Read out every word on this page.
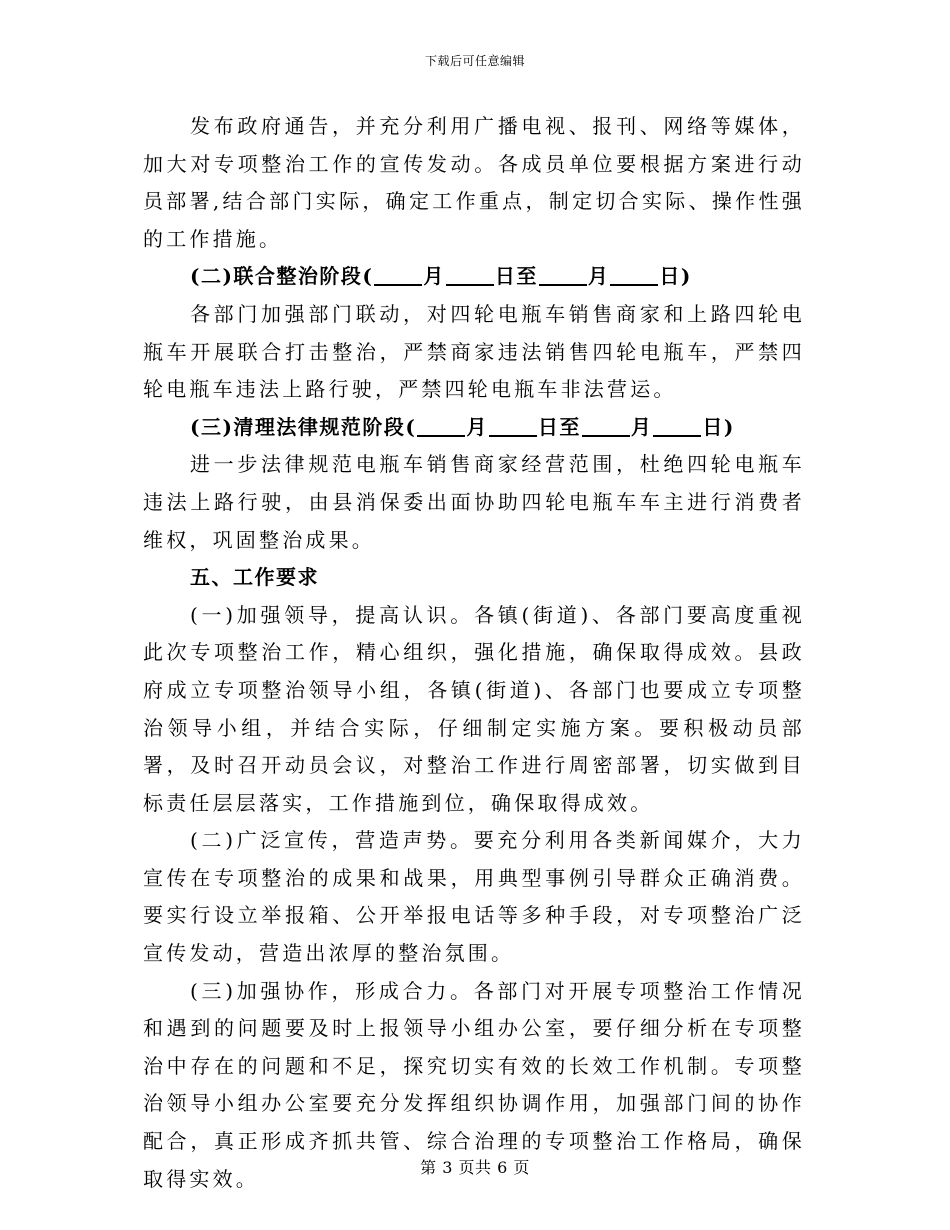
下载后可任意编辑

发布政府通告，并充分利用广播电视、报刊、网络等媒体，加大对专项整治工作的宣传发动。各成员单位要根据方案进行动员部署,结合部门实际，确定工作重点，制定切合实际、操作性强的工作措施。

(二)联合整治阶段(	月	日至	月	日)

各部门加强部门联动，对四轮电瓶车销售商家和上路四轮电瓶车开展联合打击整治，严禁商家违法销售四轮电瓶车，严禁四轮电瓶车违法上路行驶，严禁四轮电瓶车非法营运。

(三)清理法律规范阶段(	月	日至	月	日)

进一步法律规范电瓶车销售商家经营范围，杜绝四轮电瓶车违法上路行驶，由县消保委出面协助四轮电瓶车车主进行消费者维权，巩固整治成果。

五、工作要求

(一)加强领导，提高认识。各镇(街道)、各部门要高度重视此次专项整治工作，精心组织，强化措施，确保取得成效。县政府成立专项整治领导小组，各镇(街道)、各部门也要成立专项整治领导小组，并结合实际，仔细制定实施方案。要积极动员部署，及时召开动员会议，对整治工作进行周密部署，切实做到目标责任层层落实，工作措施到位，确保取得成效。

(二)广泛宣传，营造声势。要充分利用各类新闻媒介，大力宣传在专项整治的成果和战果，用典型事例引导群众正确消费。要实行设立举报箱、公开举报电话等多种手段，对专项整治广泛宣传发动，营造出浓厚的整治氛围。

(三)加强协作，形成合力。各部门对开展专项整治工作情况和遇到的问题要及时上报领导小组办公室，要仔细分析在专项整治中存在的问题和不足，探究切实有效的长效工作机制。专项整治领导小组办公室要充分发挥组织协调作用，加强部门间的协作配合，真正形成齐抓共管、综合治理的专项整治工作格局，确保取得实效。	第 3 页共 6 页
